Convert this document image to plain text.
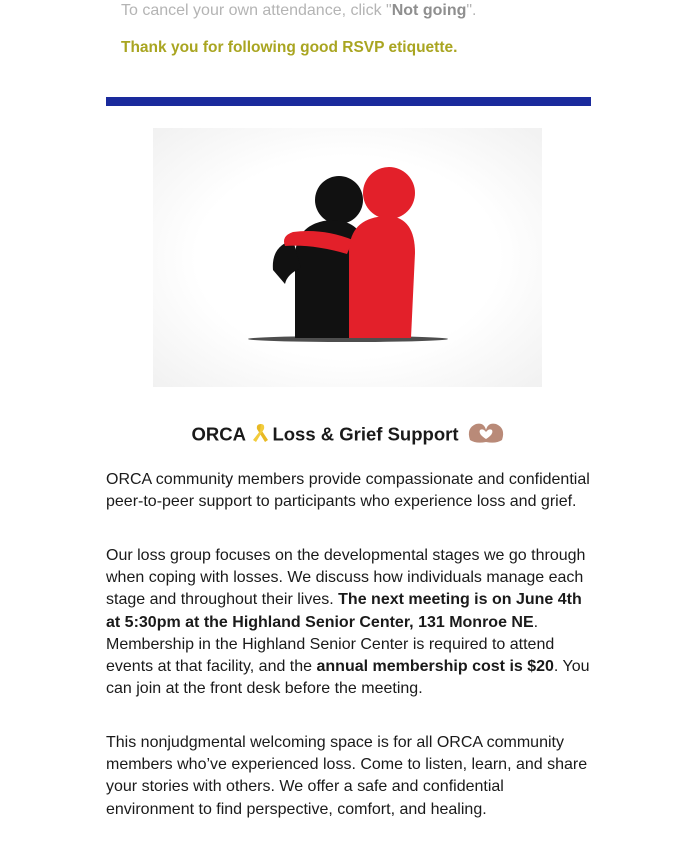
To cancel your own attendance, click "Not going".
Thank you for following good RSVP etiquette.
ORCA Loss & Grief Support
ORCA community members provide compassionate and confidential peer-to-peer support to participants who experience loss and grief.
Our loss group focuses on the developmental stages we go through when coping with losses. We discuss how individuals manage each stage and throughout their lives. The next meeting is on June 4th at 5:30pm at the Highland Senior Center, 131 Monroe NE. Membership in the Highland Senior Center is required to attend events at that facility, and the annual membership cost is $20. You can join at the front desk before the meeting.
This nonjudgmental welcoming space is for all ORCA community members who’ve experienced loss. Come to listen, learn, and share your stories with others. We offer a safe and confidential environment to find perspective, comfort, and healing.
